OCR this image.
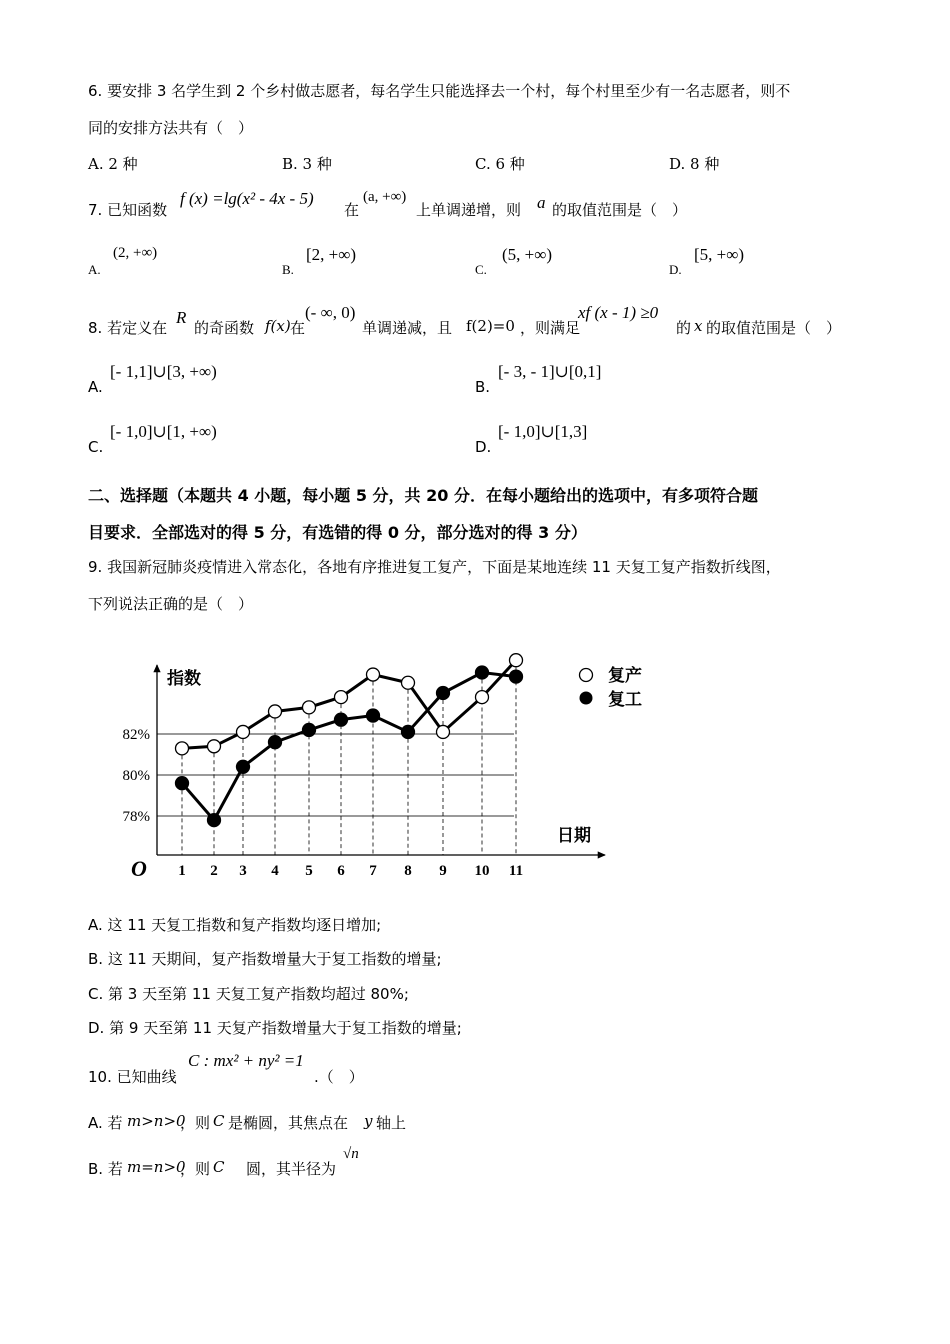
6. 要安排 3 名学生到 2 个乡村做志愿者，每名学生只能选择去一个村，每个村里至少有一名志愿者，则不
同的安排方法共有（　）
A. 2 种	B. 3 种	C. 6 种	D. 8 种
7. 已知函数
f (x) =lg(x² - 4x - 5)
在
(a, +∞)
上单调递增，则 a 的取值范围是（　）
A.
(2, +∞)
B.
[2, +∞)
C.
(5, +∞)
D.
[5, +∞)
8. 若定义在
R
的奇函数 f(x) 在
(- ∞, 0)
单调递减，且 f(2)=0 ，则满足
xf (x - 1) ≥0
的 x 的取值范围是（　）
A.
[- 1,1]∪[3, +∞)
B.
[- 3, - 1]∪[0,1]
C.
[- 1,0]∪[1, +∞)
D.
[- 1,0]∪[1,3]
二、选择题（本题共 4 小题，每小题 5 分，共 20 分．在每小题给出的选项中，有多项符合题
目要求．全部选对的得 5 分，有选错的得 0 分，部分选对的得 3 分）
9. 我国新冠肺炎疫情进入常态化，各地有序推进复工复产，下面是某地连续 11 天复工复产指数折线图，
下列说法正确的是（　）
指数
日期
O
82%
80%
78%
1 2 3 4 5 6 7 8 9 10 11
复产
复工
A. 这 11 天复工指数和复产指数均逐日增加;
B. 这 11 天期间，复产指数增量大于复工指数的增量;
C. 第 3 天至第 11 天复工复产指数均超过 80%;
D. 第 9 天至第 11 天复产指数增量大于复工指数的增量;
10. 已知曲线
C : mx² + ny² =1
.（　）
A. 若 m>n>0
，则 C 是椭圆，其焦点在 y 轴上
B. 若 m=n>0
，则 C 圆，其半径为
√n
